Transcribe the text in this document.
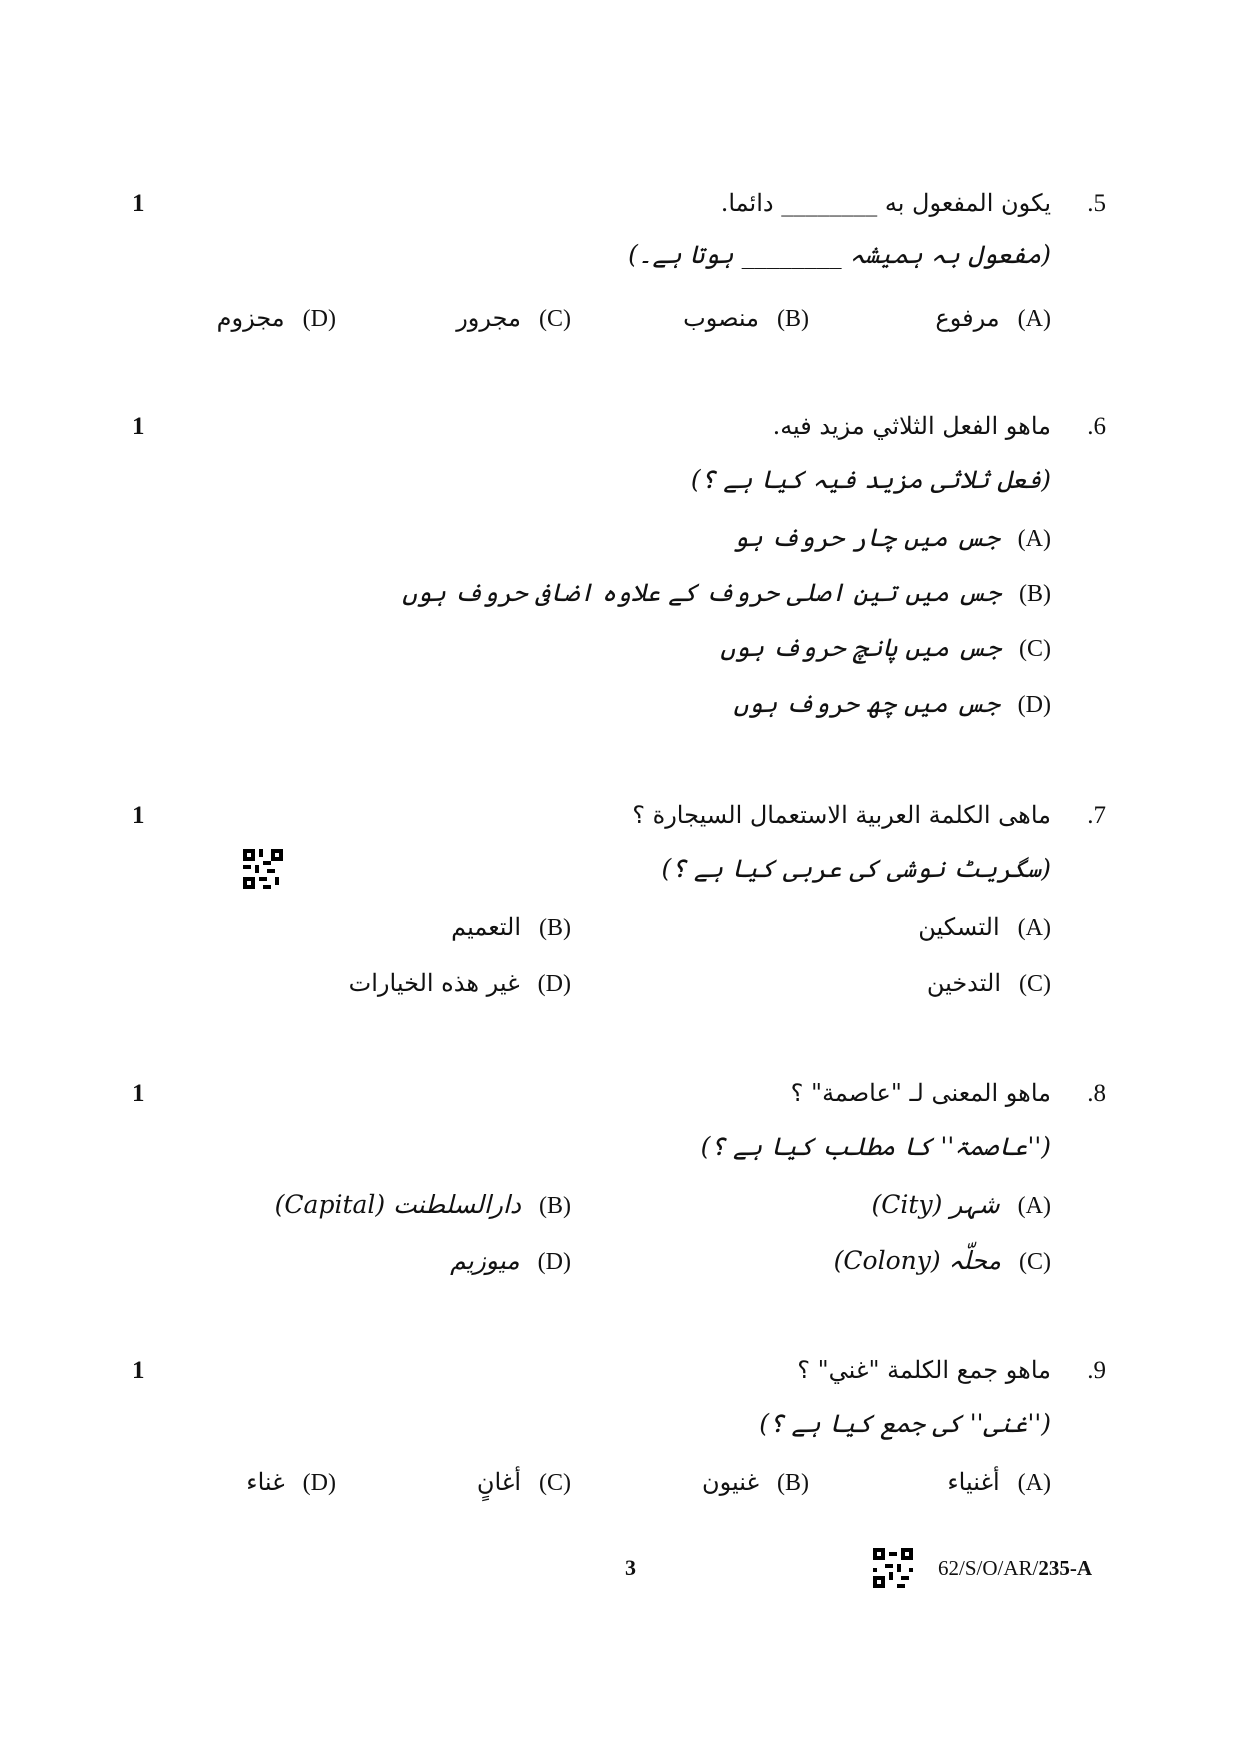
1	.5
يكون المفعول به ________ دائما.
(مفعول بہ ہمیشہ ________ ہوتا ہے۔)
(A)مرفوع
(B)منصوب
(C)مجرور
(D)مجزوم
1	.6
ماهو الفعل الثلاثي مزيد فيه.
(فعل ثلاثی مزید فیہ کیا ہے ؟)
(A)جس میں چار حروف ہو
(B)جس میں تین اصلی حروف کے علاوہ اضافی حروف ہوں
(C)جس میں پانچ حروف ہوں
(D)جس میں چھ حروف ہوں
1	.7
ماهی الکلمة العربية الاستعمال السيجارة ؟
(سگریٹ نوشی کی عربی کیا ہے ؟)
(A)التسكين
(B)التعميم
(C)التدخين
(D)غير هذه الخيارات
1	.8
ماهو المعنى لـ "عاصمة" ؟
(''عاصمۃ'' کا مطلب کیا ہے ؟)
(A)شہر (City)
(B)دارالسلطنت (Capital)
(C)محلّہ (Colony)
(D)میوزیم
1	.9
ماهو جمع الكلمة "غني" ؟
(''غنی'' کی جمع کیا ہے ؟)
(A)أغنياء
(B)غنيون
(C)أغانٍ
(D)غناء
3	62/S/O/AR/235-A
